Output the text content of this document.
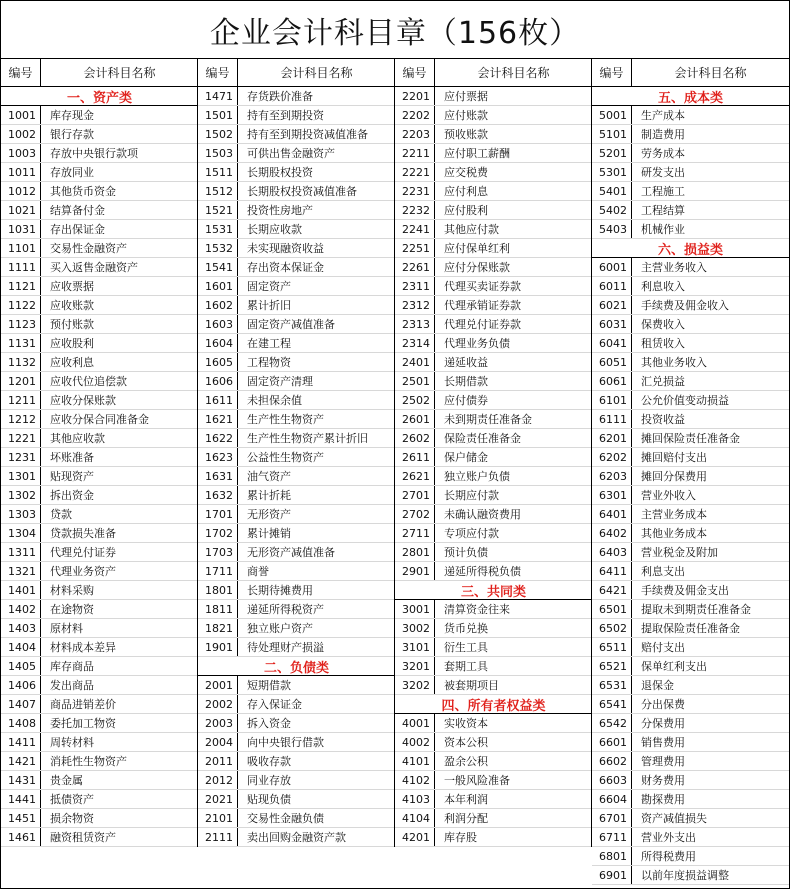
企业会计科目章（156枚）
编号	会计科目名称
一、资产类
1001	库存现金
1002	银行存款
1003	存放中央银行款项
1011	存放同业
1012	其他货币资金
1021	结算备付金
1031	存出保证金
1101	交易性金融资产
1111	买入返售金融资产
1121	应收票据
1122	应收账款
1123	预付账款
1131	应收股利
1132	应收利息
1201	应收代位追偿款
1211	应收分保账款
1212	应收分保合同准备金
1221	其他应收款
1231	坏账准备
1301	贴现资产
1302	拆出资金
1303	贷款
1304	贷款损失准备
1311	代理兑付证券
1321	代理业务资产
1401	材料采购
1402	在途物资
1403	原材料
1404	材料成本差异
1405	库存商品
1406	发出商品
1407	商品进销差价
1408	委托加工物资
1411	周转材料
1421	消耗性生物资产
1431	贵金属
1441	抵债资产
1451	损余物资
1461	融资租赁资产
编号	会计科目名称
1471	存货跌价准备
1501	持有至到期投资
1502	持有至到期投资减值准备
1503	可供出售金融资产
1511	长期股权投资
1512	长期股权投资减值准备
1521	投资性房地产
1531	长期应收款
1532	未实现融资收益
1541	存出资本保证金
1601	固定资产
1602	累计折旧
1603	固定资产减值准备
1604	在建工程
1605	工程物资
1606	固定资产清理
1611	未担保余值
1621	生产性生物资产
1622	生产性生物资产累计折旧
1623	公益性生物资产
1631	油气资产
1632	累计折耗
1701	无形资产
1702	累计摊销
1703	无形资产减值准备
1711	商誉
1801	长期待摊费用
1811	递延所得税资产
1821	独立账户资产
1901	待处理财产损溢
二、负债类
2001	短期借款
2002	存入保证金
2003	拆入资金
2004	向中央银行借款
2011	吸收存款
2012	同业存放
2021	贴现负债
2101	交易性金融负债
2111	卖出回购金融资产款
编号	会计科目名称
2201	应付票据
2202	应付账款
2203	预收账款
2211	应付职工薪酬
2221	应交税费
2231	应付利息
2232	应付股利
2241	其他应付款
2251	应付保单红利
2261	应付分保账款
2311	代理买卖证券款
2312	代理承销证券款
2313	代理兑付证券款
2314	代理业务负债
2401	递延收益
2501	长期借款
2502	应付债券
2601	未到期责任准备金
2602	保险责任准备金
2611	保户储金
2621	独立账户负债
2701	长期应付款
2702	未确认融资费用
2711	专项应付款
2801	预计负债
2901	递延所得税负债
三、共同类
3001	清算资金往来
3002	货币兑换
3101	衍生工具
3201	套期工具
3202	被套期项目
四、所有者权益类
4001	实收资本
4002	资本公积
4101	盈余公积
4102	一般风险准备
4103	本年利润
4104	利润分配
4201	库存股
编号	会计科目名称
五、成本类
5001	生产成本
5101	制造费用
5201	劳务成本
5301	研发支出
5401	工程施工
5402	工程结算
5403	机械作业
六、损益类
6001	主营业务收入
6011	利息收入
6021	手续费及佣金收入
6031	保费收入
6041	租赁收入
6051	其他业务收入
6061	汇兑损益
6101	公允价值变动损益
6111	投资收益
6201	摊回保险责任准备金
6202	摊回赔付支出
6203	摊回分保费用
6301	营业外收入
6401	主营业务成本
6402	其他业务成本
6403	营业税金及附加
6411	利息支出
6421	手续费及佣金支出
6501	提取未到期责任准备金
6502	提取保险责任准备金
6511	赔付支出
6521	保单红利支出
6531	退保金
6541	分出保费
6542	分保费用
6601	销售费用
6602	管理费用
6603	财务费用
6604	勘探费用
6701	资产减值损失
6711	营业外支出
6801	所得税费用
6901	以前年度损益调整
